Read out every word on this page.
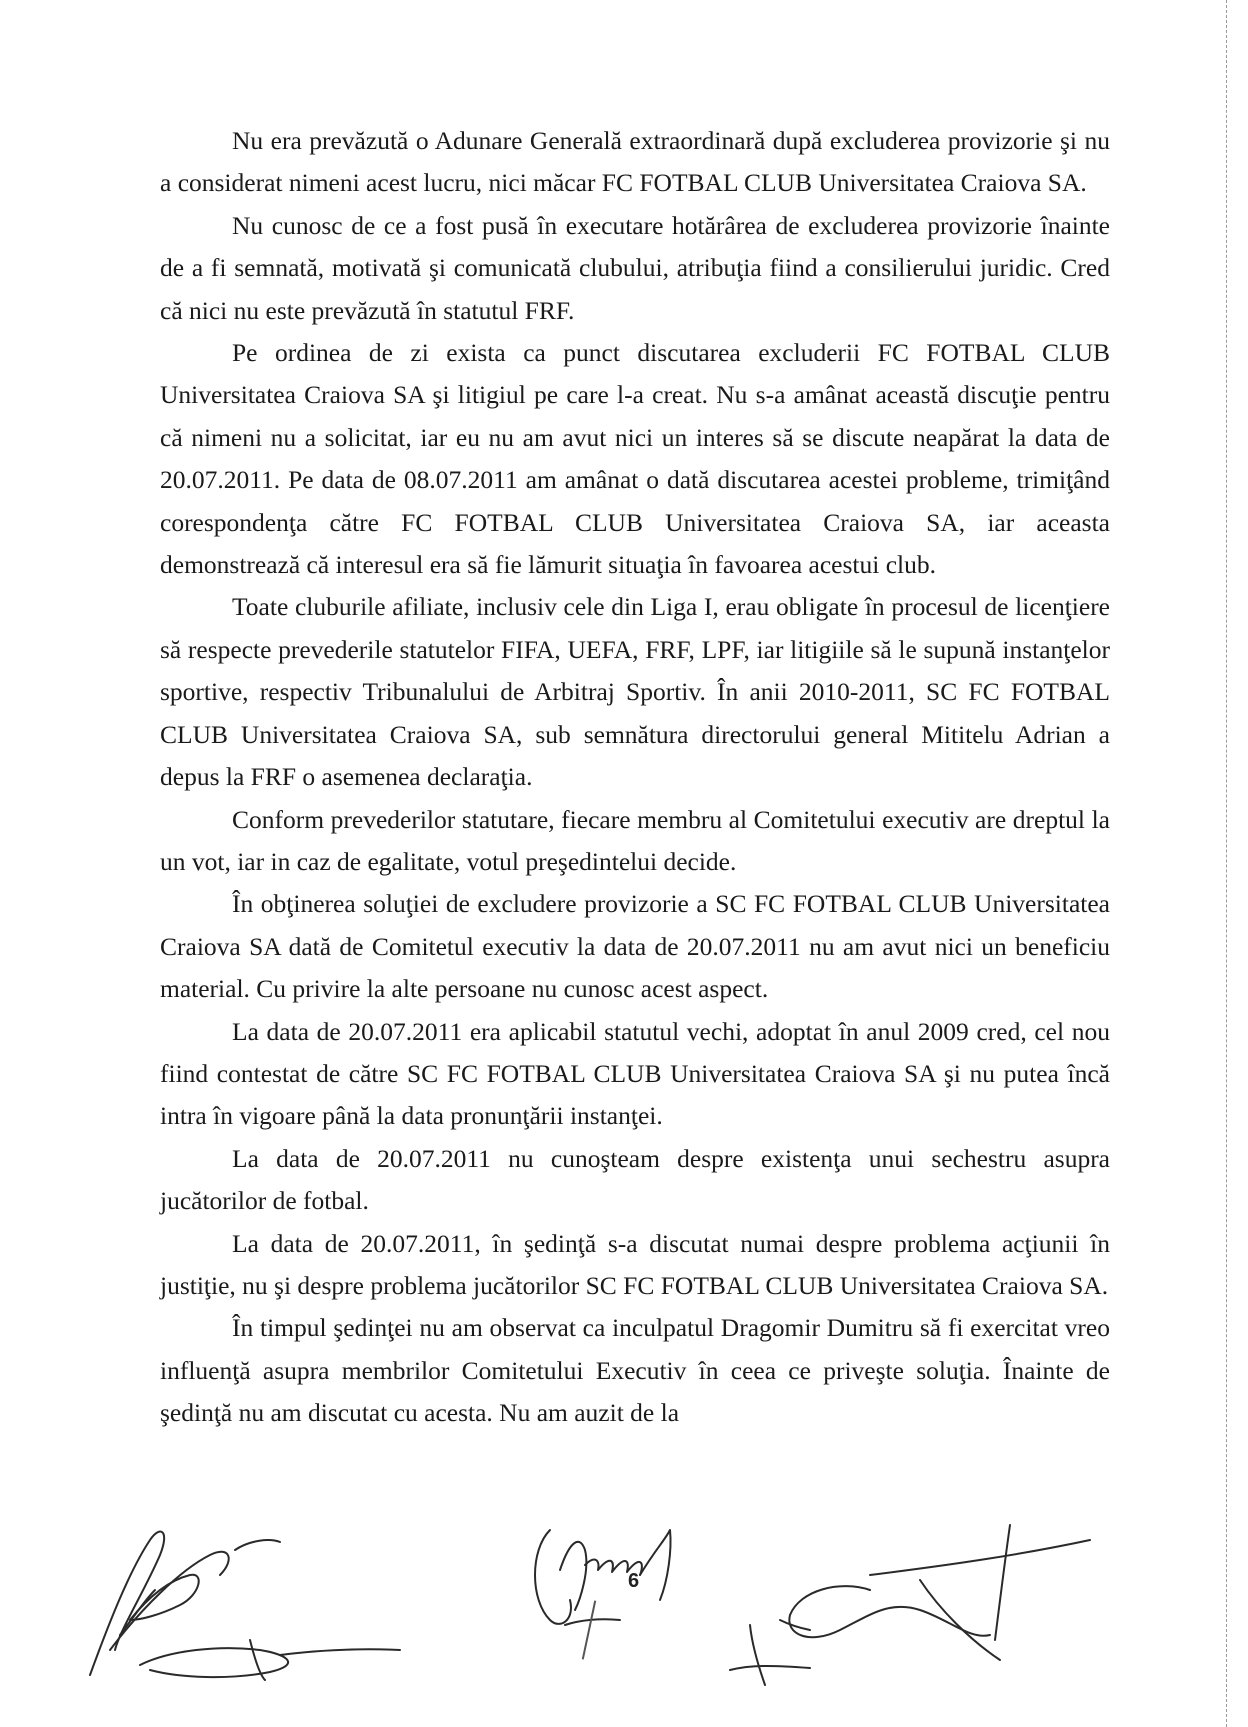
Nu era prevăzută o Adunare Generală extraordinară după excluderea provizorie şi nu a considerat nimeni acest lucru, nici măcar FC FOTBAL CLUB Universitatea Craiova SA.

Nu cunosc de ce a fost pusă în executare hotărârea de excluderea provizorie înainte de a fi semnată, motivată şi comunicată clubului, atribuţia fiind a consilierului juridic. Cred că nici nu este prevăzută în statutul FRF.

Pe ordinea de zi exista ca punct discutarea excluderii FC FOTBAL CLUB Universitatea Craiova SA şi litigiul pe care l-a creat. Nu s-a amânat această discuţie pentru că nimeni nu a solicitat, iar eu nu am avut nici un interes să se discute neapărat la data de 20.07.2011. Pe data de 08.07.2011 am amânat o dată discutarea acestei probleme, trimiţând corespondenţa către FC FOTBAL CLUB Universitatea Craiova SA, iar aceasta demonstrează că interesul era să fie lămurit situaţia în favoarea acestui club.

Toate cluburile afiliate, inclusiv cele din Liga I, erau obligate în procesul de licenţiere să respecte prevederile statutelor FIFA, UEFA, FRF, LPF, iar litigiile să le supună instanţelor sportive, respectiv Tribunalului de Arbitraj Sportiv. În anii 2010-2011, SC FC FOTBAL CLUB Universitatea Craiova SA, sub semnătura directorului general Mititelu Adrian a depus la FRF o asemenea declaraţia.

Conform prevederilor statutare, fiecare membru al Comitetului executiv are dreptul la un vot, iar in caz de egalitate, votul preşedintelui decide.

În obţinerea soluţiei de excludere provizorie a SC FC FOTBAL CLUB Universitatea Craiova SA dată de Comitetul executiv la data de 20.07.2011 nu am avut nici un beneficiu material. Cu privire la alte persoane nu cunosc acest aspect.

La data de 20.07.2011 era aplicabil statutul vechi, adoptat în anul 2009 cred, cel nou fiind contestat de către SC FC FOTBAL CLUB Universitatea Craiova SA şi nu putea încă intra în vigoare până la data pronunţării instanţei.

La data de 20.07.2011 nu cunoşteam despre existenţa unui sechestru asupra jucătorilor de fotbal.

La data de 20.07.2011, în şedinţă s-a discutat numai despre problema acţiunii în justiţie, nu şi despre problema jucătorilor SC FC FOTBAL CLUB Universitatea Craiova SA.

În timpul şedinţei nu am observat ca inculpatul Dragomir Dumitru să fi exercitat vreo influenţă asupra membrilor Comitetului Executiv în ceea ce priveşte soluţia. Înainte de şedinţă nu am discutat cu acesta. Nu am auzit de la

6
